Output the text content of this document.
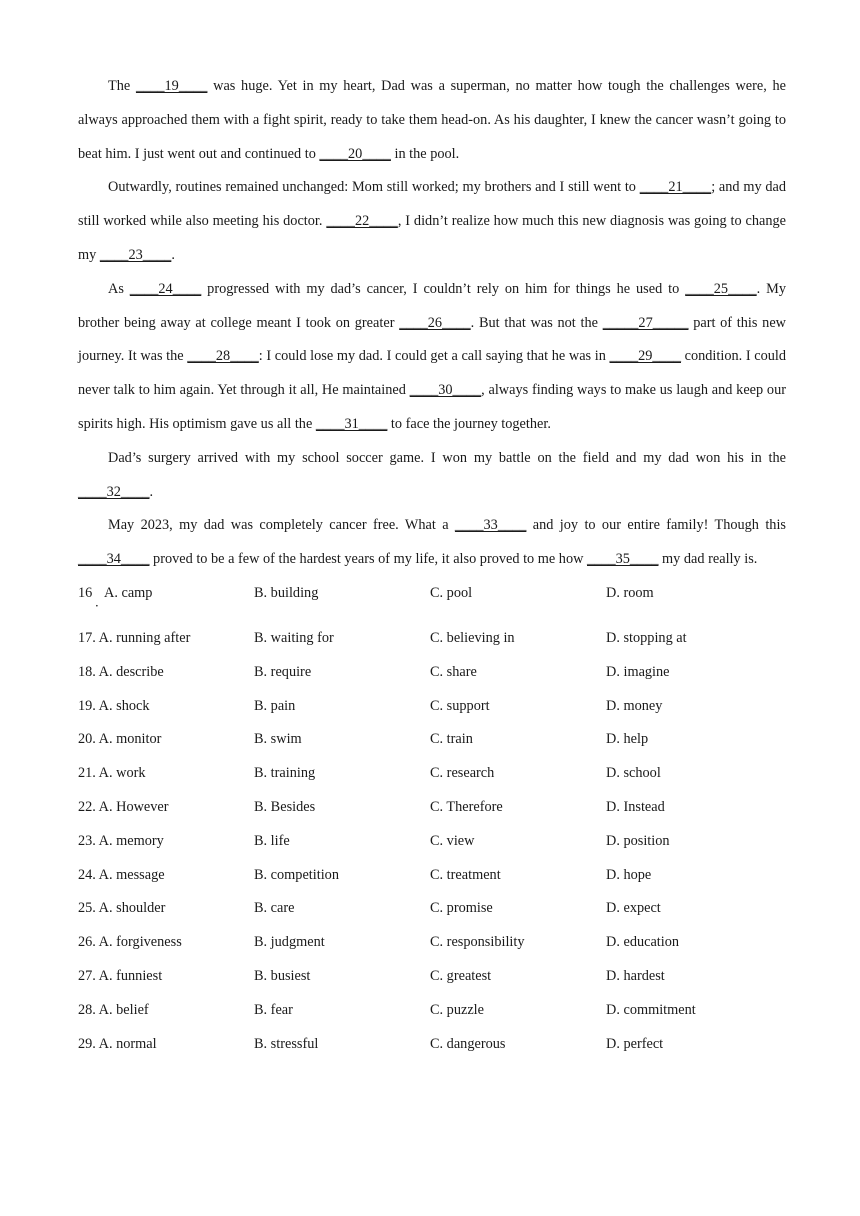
The ____19____ was huge. Yet in my heart, Dad was a superman, no matter how tough the challenges were, he always approached them with a fight spirit, ready to take them head-on. As his daughter, I knew the cancer wasn’t going to beat him. I just went out and continued to ____20____ in the pool.

Outwardly, routines remained unchanged: Mom still worked; my brothers and I still went to ____21____; and my dad still worked while also meeting his doctor. ____22____, I didn’t realize how much this new diagnosis was going to change my ____23____.

As ____24____ progressed with my dad’s cancer, I couldn’t rely on him for things he used to ____25____. My brother being away at college meant I took on greater ____26____. But that was not the _____27_____ part of this new journey. It was the ____28____: I could lose my dad. I could get a call saying that he was in ____29____ condition. I could never talk to him again. Yet through it all, He maintained ____30____, always finding ways to make us laugh and keep our spirits high. His optimism gave us all the ____31____ to face the journey together.

Dad’s surgery arrived with my school soccer game. I won my battle on the field and my dad won his in the ____32____.

May 2023, my dad was completely cancer free. What a ____33____ and joy to our entire family! Though this ____34____ proved to be a few of the hardest years of my life, it also proved to me how ____35____ my dad really is.

16
．
A. camp	B. building	C. pool	D. room
17. A. running after	B. waiting for	C. believing in	D. stopping at
18. A. describe	B. require	C. share	D. imagine
19. A. shock	B. pain	C. support	D. money
20. A. monitor	B. swim	C. train	D. help
21. A. work	B. training	C. research	D. school
22. A. However	B. Besides	C. Therefore	D. Instead
23. A. memory	B. life	C. view	D. position
24. A. message	B. competition	C. treatment	D. hope
25. A. shoulder	B. care	C. promise	D. expect
26. A. forgiveness	B. judgment	C. responsibility	D. education
27. A. funniest	B. busiest	C. greatest	D. hardest
28. A. belief	B. fear	C. puzzle	D. commitment
29. A. normal	B. stressful	C. dangerous	D. perfect
